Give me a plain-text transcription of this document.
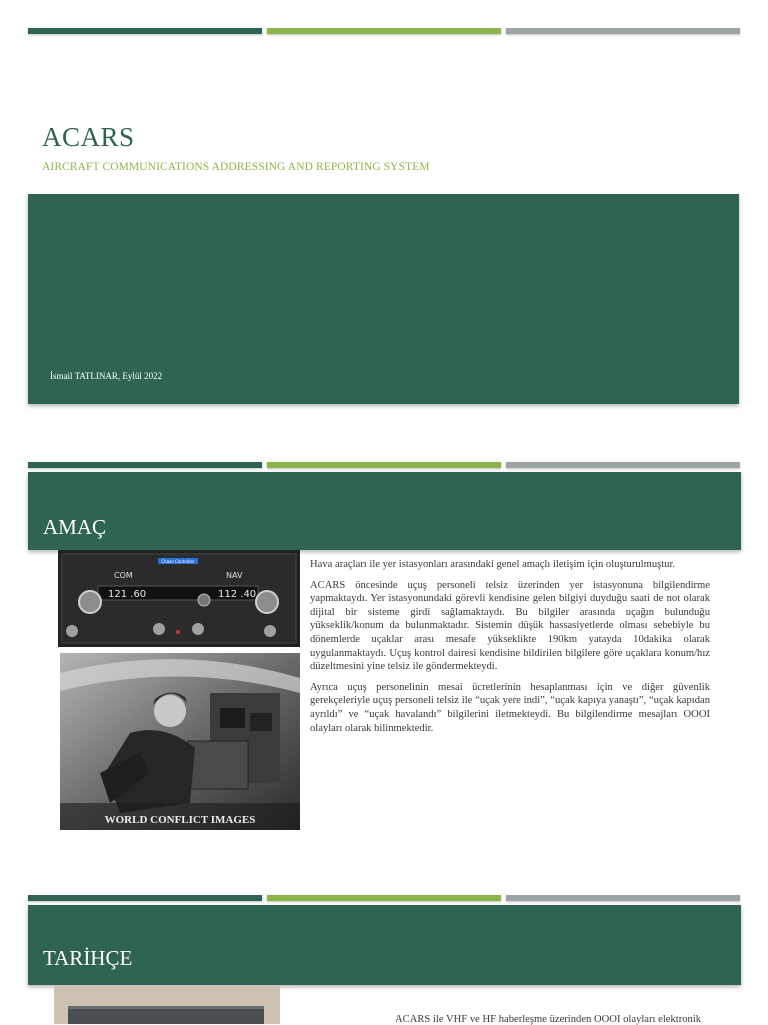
ACARS
AIRCRAFT COMMUNICATIONS ADDRESSING AND REPORTING SYSTEM
İsmail TATLINAR, Eylül 2022
AMAÇ
Chase Controller
COM	NAV
121 .60	112 .40
WORLD CONFLICT IMAGES

Hava araçları ile yer istasyonları arasındaki genel amaçlı iletişim için oluşturulmuştur.

ACARS öncesinde uçuş personeli telsiz üzerinden yer istasyonuna bilgilendirme yapmaktaydı. Yer istasyonundaki görevli kendisine gelen bilgiyi duyduğu saati de not olarak dijital bir sisteme girdi sağlamaktaydı. Bu bilgiler arasında uçağın bulunduğu yükseklik/konum da bulunmaktadır. Sistemin düşük hassasiyetlerde olması sebebiyle bu dönemlerde uçaklar arası mesafe yükseklikte 190km yatayda 10dakika olarak uygulanmaktaydı. Uçuş kontrol dairesi kendisine bildirilen bilgilere göre uçaklara konum/hız düzeltmesini yine telsiz ile göndermekteydi.

Ayrıca uçuş personelinin mesai ücretlerinin hesaplanması için ve diğer güvenlik gerekçeleriyle uçuş personeli telsiz ile “uçak yere indi”, “uçak kapıya yanaştı”, “uçak kapıdan ayrıldı” ve “uçak havalandı” bilgilerini iletmekteydi. Bu bilgilendirme mesajları OOOI olayları olarak bilinmektedir.

TARİHÇE
ACARS ile VHF ve HF haberleşme üzerinden OOOI olayları elektronik
